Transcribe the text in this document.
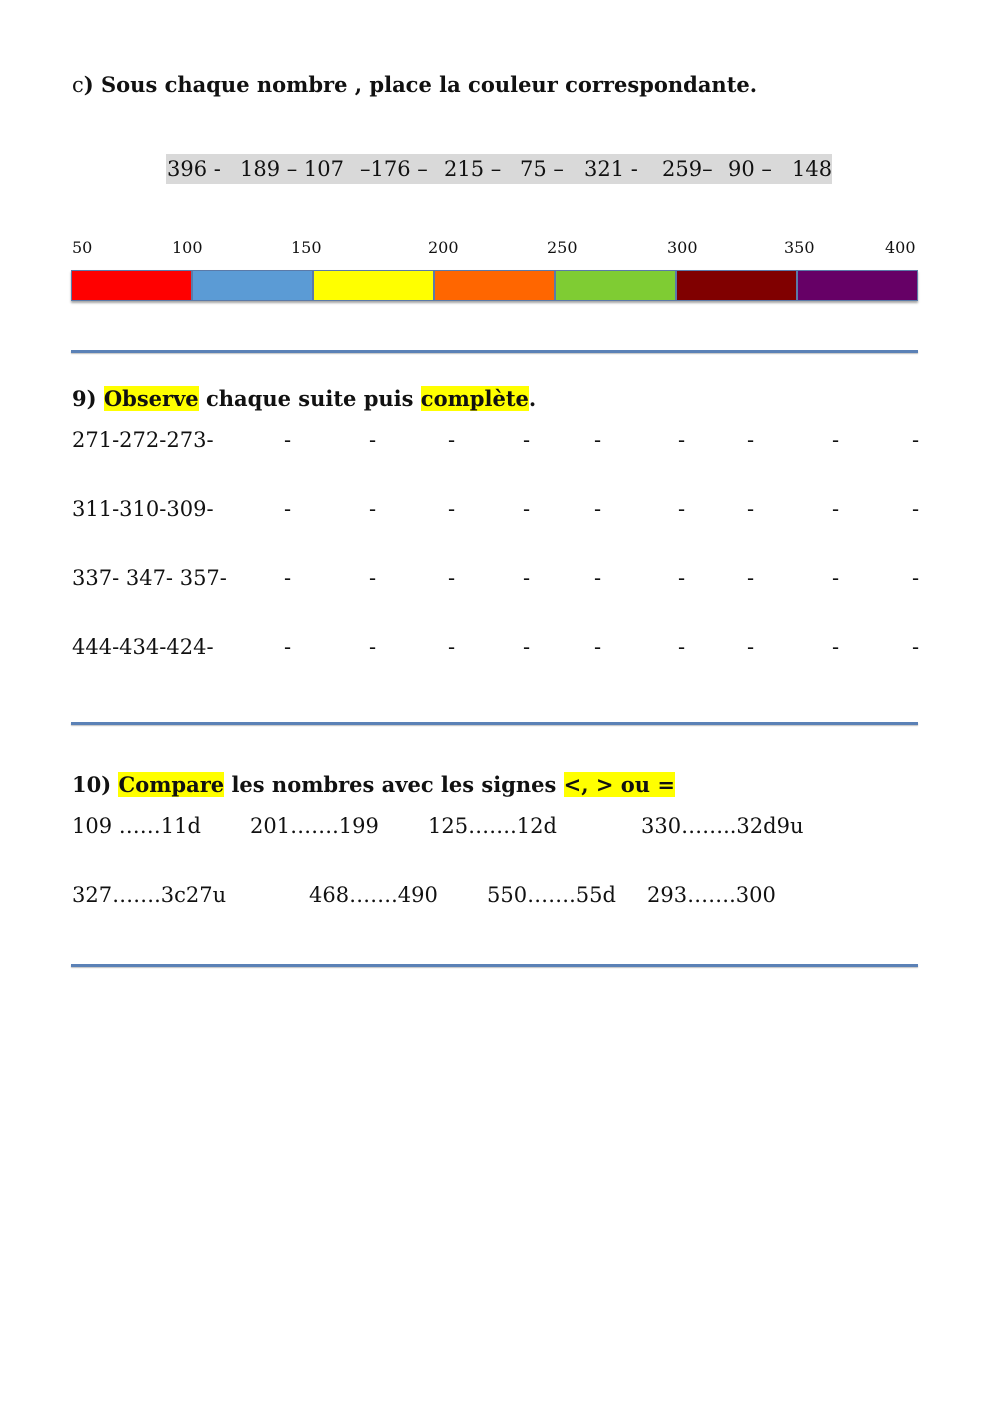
c) Sous chaque nombre , place la couleur correspondante.
396 - 189 – 107 –176 – 215 – 75 – 321 - 259– 90 – 148
50	100	150	200	250	300	350	400
9) Observe chaque suite puis complète.
271-272-273-	-	-	-	-	-	-	-	-	-
311-310-309-	-	-	-	-	-	-	-	-	-
337- 347- 357-	-	-	-	-	-	-	-	-	-
444-434-424-	-	-	-	-	-	-	-	-	-
10) Compare les nombres avec les signes <, > ou =
109 ……11d 201…….199 125…….12d	330……..32d9u
327…….3c27u	468…….490 550…….55d 293…….300
